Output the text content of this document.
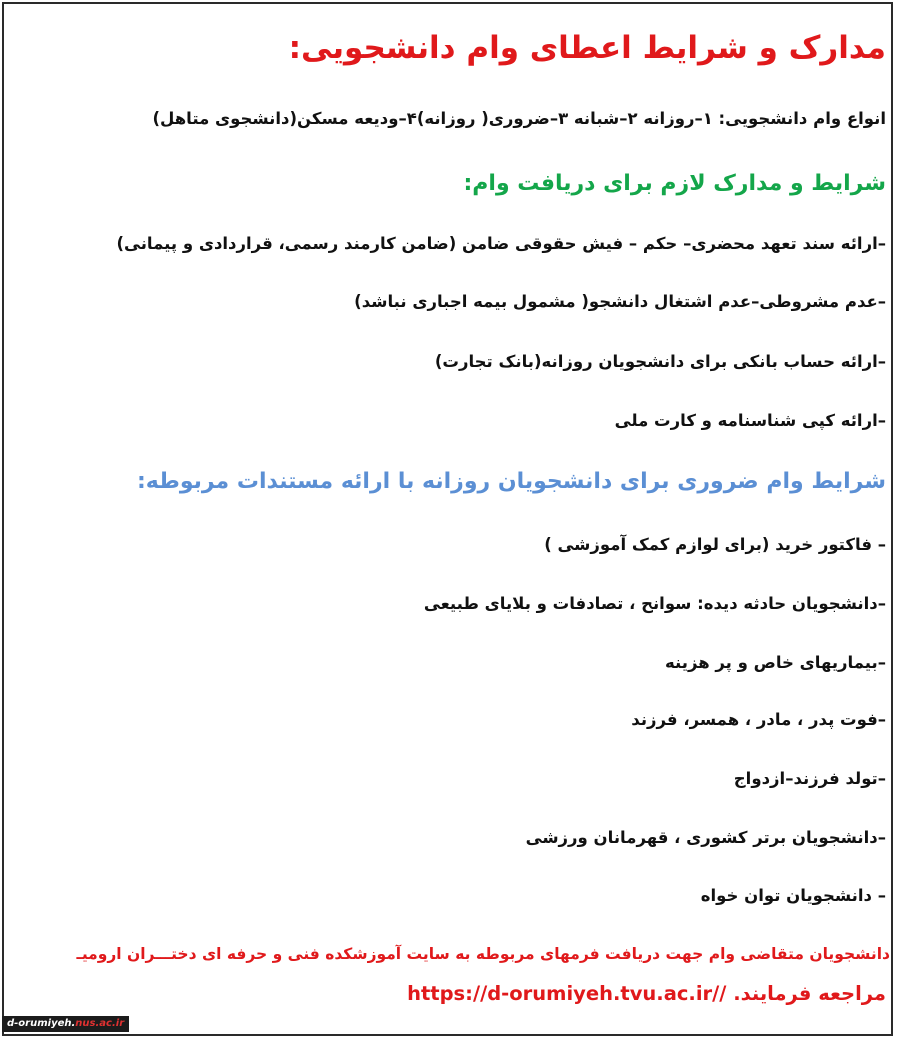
مدارک و شرایط اعطای وام دانشجویی:
انواع وام دانشجویی: ۱–روزانه ۲–شبانه ۳–ضروری( روزانه)۴–ودیعه مسکن(دانشجوی متاهل)
شرایط و مدارک لازم برای دریافت وام:
–ارائه سند تعهد محضری– حکم – فیش حقوقی ضامن (ضامن کارمند رسمی، قراردادی و پیمانی)
–عدم مشروطی–عدم اشتغال دانشجو( مشمول بیمه اجباری نباشد)
–ارائه حساب بانکی برای دانشجویان روزانه(بانک تجارت)
–ارائه کپی شناسنامه و کارت ملی
شرایط وام ضروری برای دانشجویان روزانه با ارائه مستندات مربوطه:
– فاکتور خرید (برای لوازم کمک آموزشی )
–دانشجویان حادثه دیده: سوانح ، تصادفات و بلایای طبیعی
–بیماریهای خاص و پر هزینه
–فوت پدر ، مادر ، همسر، فرزند
–تولد فرزند–ازدواج
–دانشجویان برتر کشوری ، قهرمانان ورزشی
– دانشجویان توان خواه
دانشجویان متقاضی وام جهت دریافت فرمهای مربوطه به سایت آموزشکده فنی و حرفه ای دختـــران ارومیـ
مراجعه فرمایند. https://d-orumiyeh.tvu.ac.ir//
d-orumiyeh.nus.ac.ir
